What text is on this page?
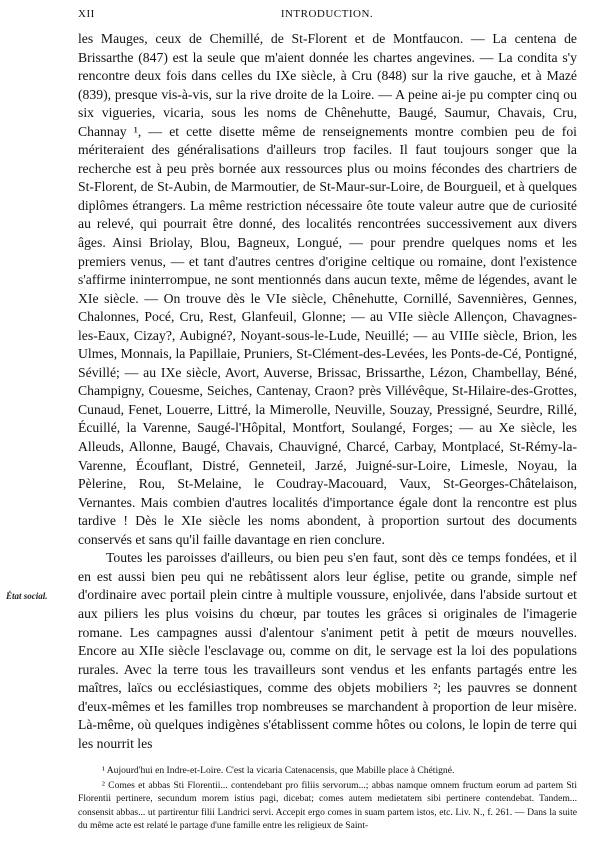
XII	INTRODUCTION.
État social.

les Mauges, ceux de Chemillé, de St-Florent et de Montfaucon. — La centena de Brissarthe (847) est la seule que m'aient donnée les chartes angevines. — La condita s'y rencontre deux fois dans celles du IXe siècle, à Cru (848) sur la rive gauche, et à Mazé (839), presque vis-à-vis, sur la rive droite de la Loire. — A peine ai-je pu compter cinq ou six vigueries, vicaria, sous les noms de Chênehutte, Baugé, Saumur, Chavais, Cru, Channay ¹, — et cette disette même de renseignements montre combien peu de foi mériteraient des généralisations d'ailleurs trop faciles. Il faut toujours songer que la recherche est à peu près bornée aux ressources plus ou moins fécondes des chartriers de St-Florent, de St-Aubin, de Marmoutier, de St-Maur-sur-Loire, de Bourgueil, et à quelques diplômes étrangers. La même restriction nécessaire ôte toute valeur autre que de curiosité au relevé, qui pourrait être donné, des localités rencontrées successivement aux divers âges. Ainsi Briolay, Blou, Bagneux, Longué, — pour prendre quelques noms et les premiers venus, — et tant d'autres centres d'origine celtique ou romaine, dont l'existence s'affirme ininterrompue, ne sont mentionnés dans aucun texte, même de légendes, avant le XIe siècle. — On trouve dès le VIe siècle, Chênehutte, Cornillé, Savennières, Gennes, Chalonnes, Pocé, Cru, Rest, Glanfeuil, Glonne; — au VIIe siècle Allençon, Chavagnes-les-Eaux, Cizay?, Aubigné?, Noyant-sous-le-Lude, Neuillé; — au VIIIe siècle, Brion, les Ulmes, Monnais, la Papillaie, Pruniers, St-Clément-des-Levées, les Ponts-de-Cé, Pontigné, Sévillé; — au IXe siècle, Avort, Auverse, Brissac, Brissarthe, Lézon, Chambellay, Béné, Champigny, Couesme, Seiches, Cantenay, Craon? près Villévêque, St-Hilaire-des-Grottes, Cunaud, Fenet, Louerre, Littré, la Mimerolle, Neuville, Souzay, Pressigné, Seurdre, Rillé, Écuillé, la Varenne, Saugé-l'Hôpital, Montfort, Soulangé, Forges; — au Xe siècle, les Alleuds, Allonne, Baugé, Chavais, Chauvigné, Charcé, Carbay, Montplacé, St-Rémy-la-Varenne, Écouflant, Distré, Genneteil, Jarzé, Juigné-sur-Loire, Limesle, Noyau, la Pèlerine, Rou, St-Melaine, le Coudray-Macouard, Vaux, St-Georges-Châtelaison, Vernantes. Mais combien d'autres localités d'importance égale dont la rencontre est plus tardive ! Dès le XIe siècle les noms abondent, à proportion surtout des documents conservés et sans qu'il faille davantage en rien conclure.

Toutes les paroisses d'ailleurs, ou bien peu s'en faut, sont dès ce temps fondées, et il en est aussi bien peu qui ne rebâtissent alors leur église, petite ou grande, simple nef d'ordinaire avec portail plein cintre à multiple voussure, enjolivée, dans l'abside surtout et aux piliers les plus voisins du chœur, par toutes les grâces si originales de l'imagerie romane. Les campagnes aussi d'alentour s'animent petit à petit de mœurs nouvelles. Encore au XIIe siècle l'esclavage ou, comme on dit, le servage est la loi des populations rurales. Avec la terre tous les travailleurs sont vendus et les enfants partagés entre les maîtres, laïcs ou ecclésiastiques, comme des objets mobiliers ²; les pauvres se donnent d'eux-mêmes et les familles trop nombreuses se marchandent à proportion de leur misère. Là-même, où quelques indigènes s'établissent comme hôtes ou colons, le lopin de terre qui les nourrit les

¹ Aujourd'hui en Indre-et-Loire. C'est la vicaria Catenacensis, que Mabille place à Chétigné.

² Comes et abbas Sti Florentii... contendebant pro filiis servorum...; abbas namque omnem fructum eorum ad partem Sti Florentii pertinere, secundum morem istius pagi, dicebat; comes autem medietatem sibi pertinere contendebat. Tandem... consensit abbas... ut partirentur filii Landrici servi. Accepit ergo comes in suam partem istos, etc. Liv. N., f. 261. — Dans la suite du même acte est relaté le partage d'une famille entre les religieux de Saint-
